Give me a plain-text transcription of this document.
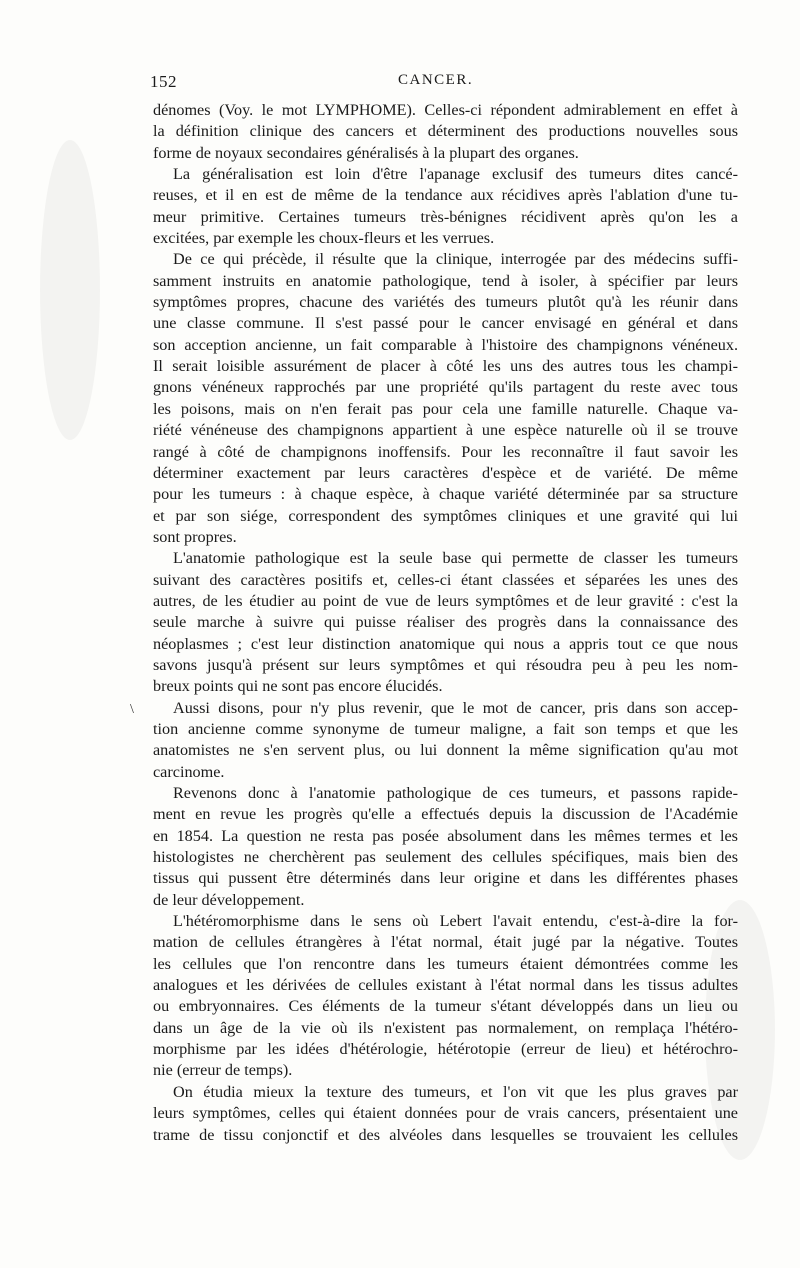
152	CANCER.
\
dénomes (Voy. le mot LYMPHOME). Celles-ci répondent admirablement en effet à
la définition clinique des cancers et déterminent des productions nouvelles sous
forme de noyaux secondaires généralisés à la plupart des organes.
La généralisation est loin d'être l'apanage exclusif des tumeurs dites cancé-
reuses, et il en est de même de la tendance aux récidives après l'ablation d'une tu-
meur primitive. Certaines tumeurs très-bénignes récidivent après qu'on les a
excitées, par exemple les choux-fleurs et les verrues.
De ce qui précède, il résulte que la clinique, interrogée par des médecins suffi-
samment instruits en anatomie pathologique, tend à isoler, à spécifier par leurs
symptômes propres, chacune des variétés des tumeurs plutôt qu'à les réunir dans
une classe commune. Il s'est passé pour le cancer envisagé en général et dans
son acception ancienne, un fait comparable à l'histoire des champignons vénéneux.
Il serait loisible assurément de placer à côté les uns des autres tous les champi-
gnons vénéneux rapprochés par une propriété qu'ils partagent du reste avec tous
les poisons, mais on n'en ferait pas pour cela une famille naturelle. Chaque va-
riété vénéneuse des champignons appartient à une espèce naturelle où il se trouve
rangé à côté de champignons inoffensifs. Pour les reconnaître il faut savoir les
déterminer exactement par leurs caractères d'espèce et de variété. De même
pour les tumeurs : à chaque espèce, à chaque variété déterminée par sa structure
et par son siége, correspondent des symptômes cliniques et une gravité qui lui
sont propres.
L'anatomie pathologique est la seule base qui permette de classer les tumeurs
suivant des caractères positifs et, celles-ci étant classées et séparées les unes des
autres, de les étudier au point de vue de leurs symptômes et de leur gravité : c'est la
seule marche à suivre qui puisse réaliser des progrès dans la connaissance des
néoplasmes ; c'est leur distinction anatomique qui nous a appris tout ce que nous
savons jusqu'à présent sur leurs symptômes et qui résoudra peu à peu les nom-
breux points qui ne sont pas encore élucidés.
Aussi disons, pour n'y plus revenir, que le mot de cancer, pris dans son accep-
tion ancienne comme synonyme de tumeur maligne, a fait son temps et que les
anatomistes ne s'en servent plus, ou lui donnent la même signification qu'au mot
carcinome.
Revenons donc à l'anatomie pathologique de ces tumeurs, et passons rapide-
ment en revue les progrès qu'elle a effectués depuis la discussion de l'Académie
en 1854. La question ne resta pas posée absolument dans les mêmes termes et les
histologistes ne cherchèrent pas seulement des cellules spécifiques, mais bien des
tissus qui pussent être déterminés dans leur origine et dans les différentes phases
de leur développement.
L'hétéromorphisme dans le sens où Lebert l'avait entendu, c'est-à-dire la for-
mation de cellules étrangères à l'état normal, était jugé par la négative. Toutes
les cellules que l'on rencontre dans les tumeurs étaient démontrées comme les
analogues et les dérivées de cellules existant à l'état normal dans les tissus adultes
ou embryonnaires. Ces éléments de la tumeur s'étant développés dans un lieu ou
dans un âge de la vie où ils n'existent pas normalement, on remplaça l'hétéro-
morphisme par les idées d'hétérologie, hétérotopie (erreur de lieu) et hétérochro-
nie (erreur de temps).
On étudia mieux la texture des tumeurs, et l'on vit que les plus graves par
leurs symptômes, celles qui étaient données pour de vrais cancers, présentaient une
trame de tissu conjonctif et des alvéoles dans lesquelles se trouvaient les cellules
